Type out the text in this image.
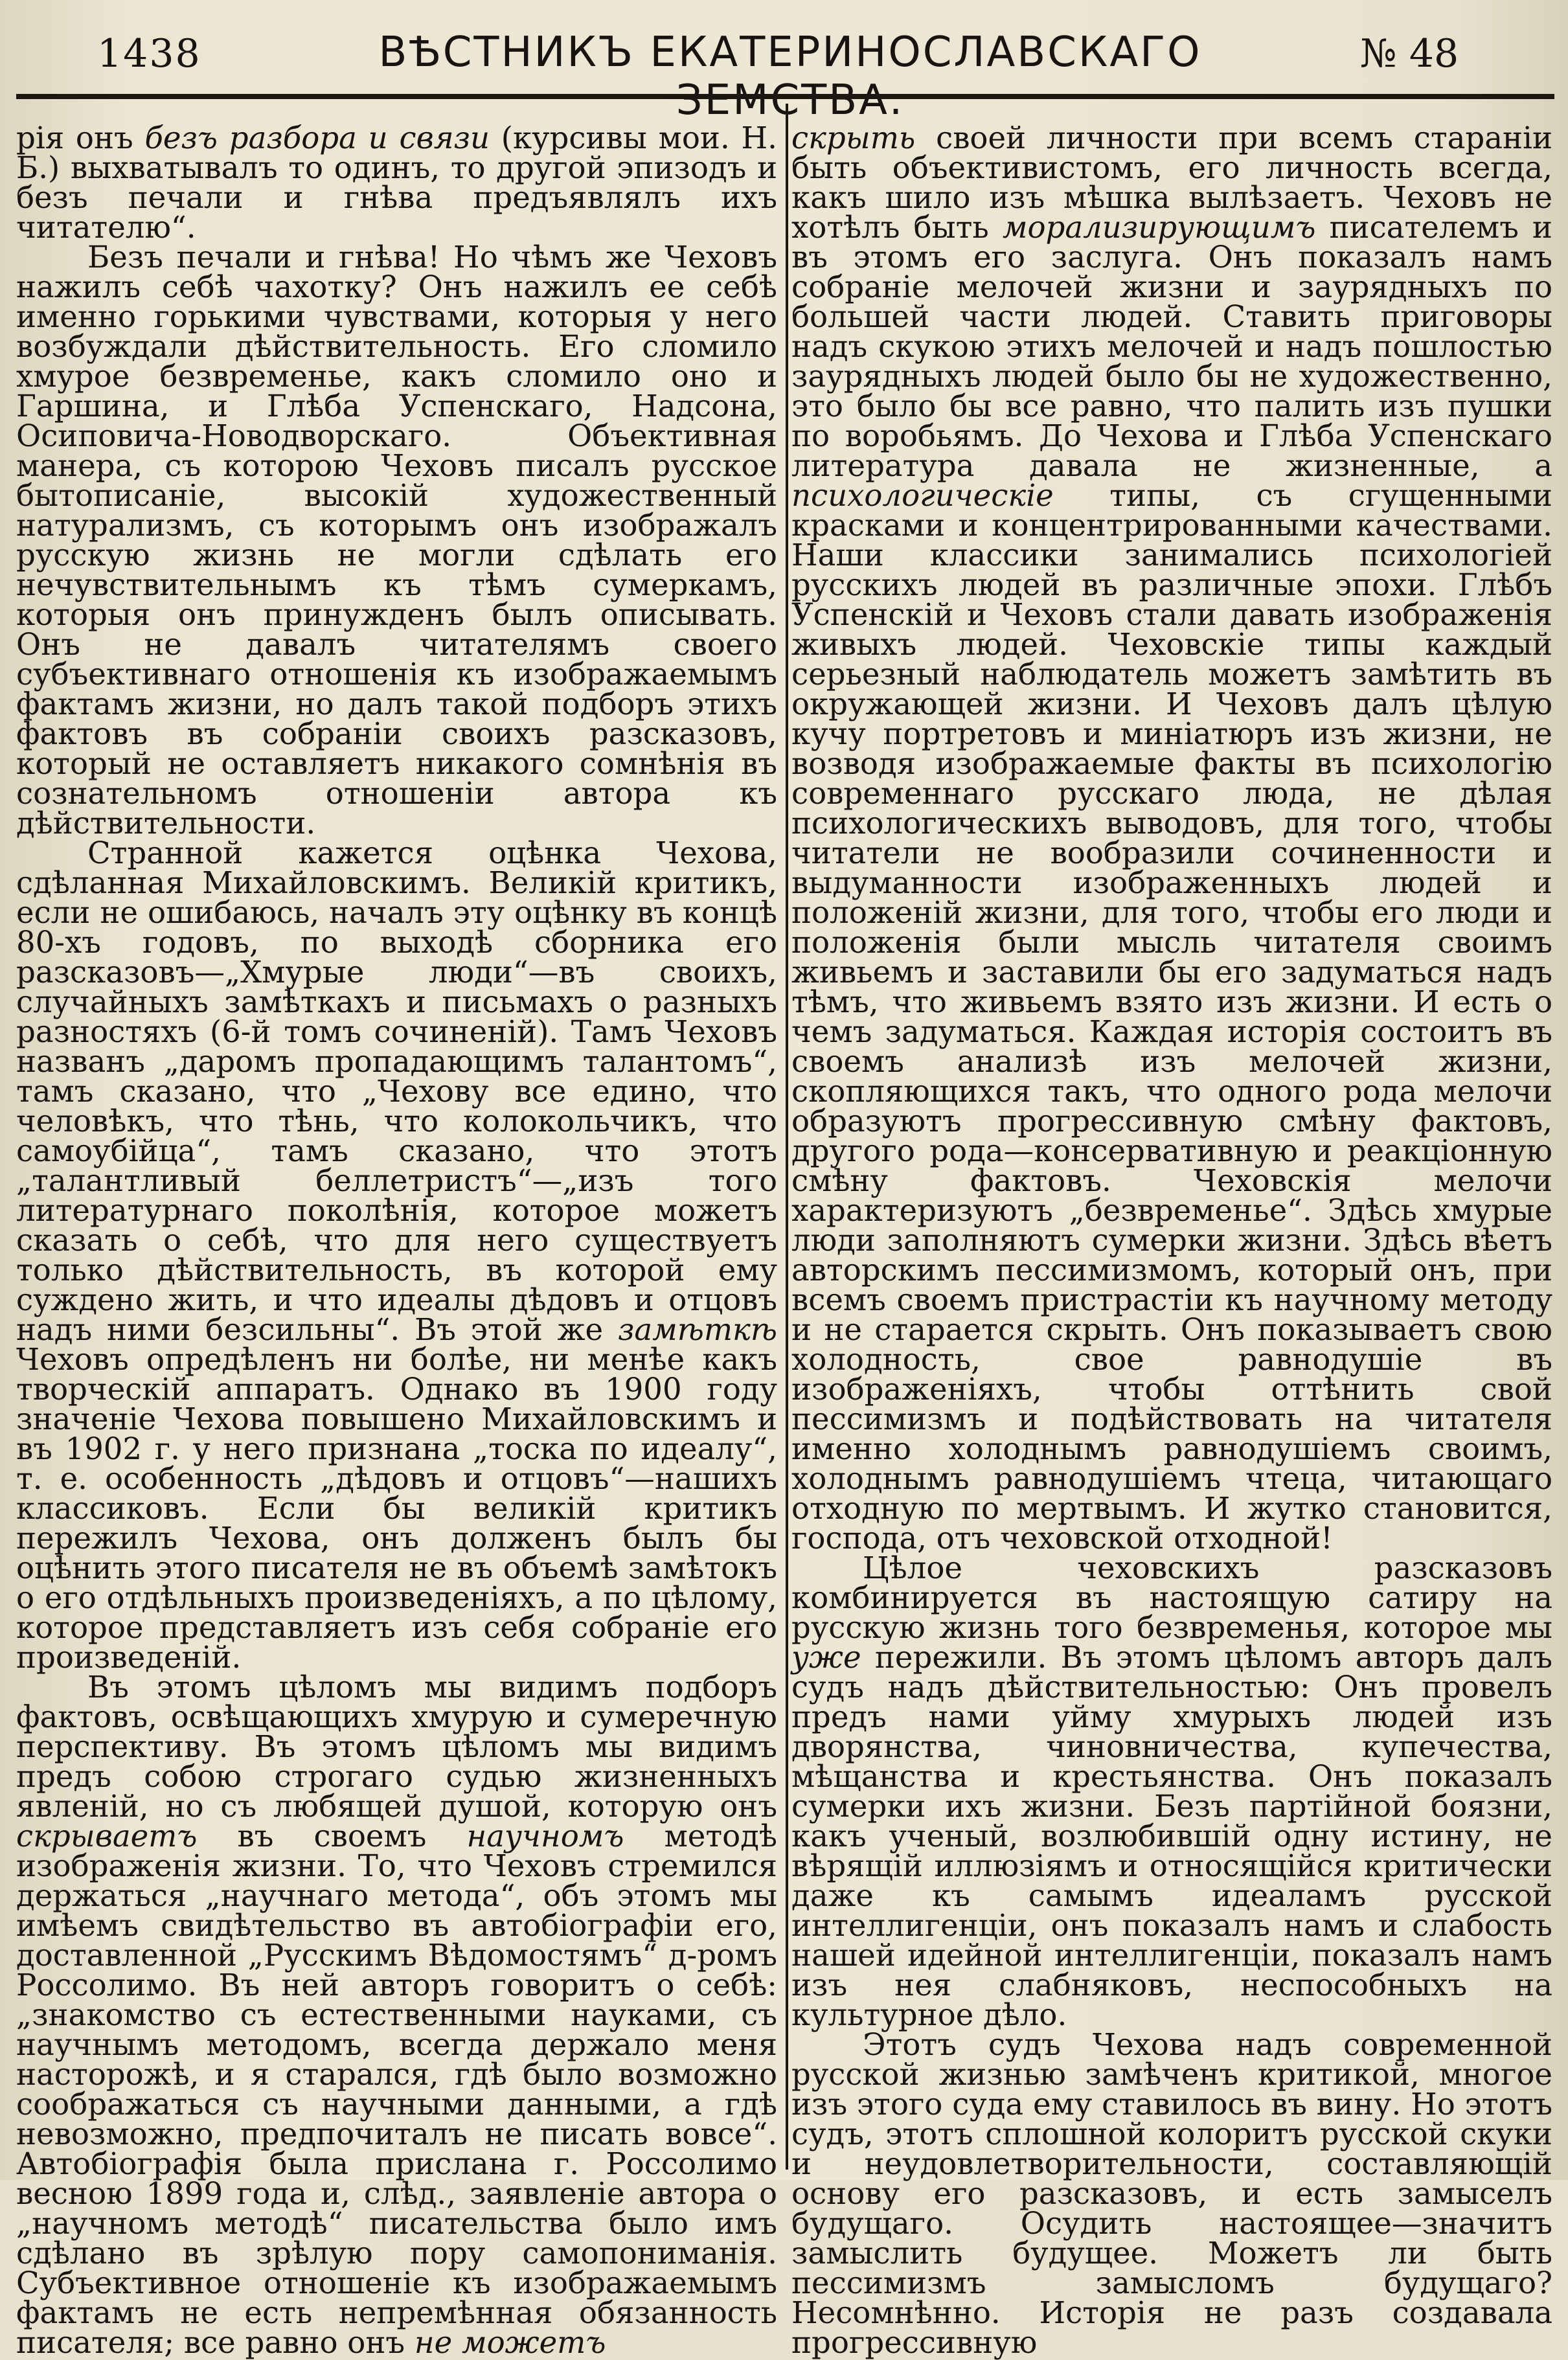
1438	ВѢСТНИКЪ ЕКАТЕРИНОСЛАВСКАГО ЗЕМСТВА.
№ 48

рія онъ безъ разбора и связи (курсивы мои. Н. Б.) выхватывалъ то одинъ, то другой эпизодъ и безъ печали и гнѣва предъявлялъ ихъ читателю“.

Безъ печали и гнѣва! Но чѣмъ же Чеховъ нажилъ себѣ чахотку? Онъ нажилъ ее себѣ именно горькими чувствами, которыя у него возбуждали дѣйствительность. Его сломило хмурое безвременье, какъ сломило оно и Гаршина, и Глѣба Успенскаго, Надсона, Осиповича-Новодворскаго. Объективная манера, съ которою Чеховъ писалъ русское бытописаніе, высокій художественный натурализмъ, съ которымъ онъ изображалъ русскую жизнь не могли сдѣлать его нечувствительнымъ къ тѣмъ сумеркамъ, которыя онъ принужденъ былъ описывать. Онъ не давалъ читателямъ своего субъективнаго отношенія къ изображаемымъ фактамъ жизни, но далъ такой подборъ этихъ фактовъ въ собраніи своихъ разсказовъ, который не оставляетъ никакого сомнѣнія въ сознательномъ отношеніи автора къ дѣйствительности.

Странной кажется оцѣнка Чехова, сдѣланная Михайловскимъ. Великій критикъ, если не ошибаюсь, началъ эту оцѣнку въ концѣ 80-хъ годовъ, по выходѣ сборника его разсказовъ—„Хмурые люди“—въ своихъ, случайныхъ замѣткахъ и письмахъ о разныхъ разностяхъ (6-й томъ сочиненій). Тамъ Чеховъ названъ „даромъ пропадающимъ талантомъ“, тамъ сказано, что „Чехову все едино, что человѣкъ, что тѣнь, что колокольчикъ, что самоубійца“, тамъ сказано, что этотъ „талантливый беллетристъ“—„изъ того литературнаго поколѣнія, которое можетъ сказать о себѣ, что для него существуетъ только дѣйствительность, въ которой ему суждено жить, и что идеалы дѣдовъ и отцовъ надъ ними безсильны“. Въ этой же замѣткѣ Чеховъ опредѣленъ ни болѣе, ни менѣе какъ творческій аппаратъ. Однако въ 1900 году значеніе Чехова повышено Михайловскимъ и въ 1902 г. у него признана „тоска по идеалу“, т. е. особенность „дѣдовъ и отцовъ“—нашихъ классиковъ. Если бы великій критикъ пережилъ Чехова, онъ долженъ былъ бы оцѣнить этого писателя не въ объемѣ замѣтокъ о его отдѣльныхъ произведеніяхъ, а по цѣлому, которое представляетъ изъ себя собраніе его произведеній.

Въ этомъ цѣломъ мы видимъ подборъ фактовъ, освѣщающихъ хмурую и сумеречную перспективу. Въ этомъ цѣломъ мы видимъ предъ собою строгаго судью жизненныхъ явленій, но съ любящей душой, которую онъ скрываетъ въ своемъ научномъ методѣ изображенія жизни. То, что Чеховъ стремился держаться „научнаго метода“, объ этомъ мы имѣемъ свидѣтельство въ автобіографіи его, доставленной „Русскимъ Вѣдомостямъ“ д-ромъ Россолимо. Въ ней авторъ говоритъ о себѣ: „знакомство съ естественными науками, съ научнымъ методомъ, всегда держало меня насторожѣ, и я старался, гдѣ было возможно соображаться съ научными данными, а гдѣ невозможно, предпочиталъ не писать вовсе“. Автобіографія была прислана г. Россолимо весною 1899 года и, слѣд., заявленіе автора о „научномъ методѣ“ писательства было имъ сдѣлано въ зрѣлую пору самопониманія. Субъективное отношеніе къ изображаемымъ фактамъ не есть непремѣнная обязанность писателя; все равно онъ не можетъ

скрыть своей личности при всемъ стараніи быть объективистомъ, его личность всегда, какъ шило изъ мѣшка вылѣзаетъ. Чеховъ не хотѣлъ быть морализирующимъ писателемъ и въ этомъ его заслуга. Онъ показалъ намъ собраніе мелочей жизни и заурядныхъ по большей части людей. Ставить приговоры надъ скукою этихъ мелочей и надъ пошлостью заурядныхъ людей было бы не художественно, это было бы все равно, что палить изъ пушки по воробьямъ. До Чехова и Глѣба Успенскаго литература давала не жизненные, а психологическіе типы, съ сгущенными красками и концентрированными качествами. Наши классики занимались психологіей русскихъ людей въ различные эпохи. Глѣбъ Успенскій и Чеховъ стали давать изображенія живыхъ людей. Чеховскіе типы каждый серьезный наблюдатель можетъ замѣтить въ окружающей жизни. И Чеховъ далъ цѣлую кучу портретовъ и миніатюръ изъ жизни, не возводя изображаемые факты въ психологію современнаго русскаго люда, не дѣлая психологическихъ выводовъ, для того, чтобы читатели не вообразили сочиненности и выдуманности изображенныхъ людей и положеній жизни, для того, чтобы его люди и положенія были мысль читателя своимъ живьемъ и заставили бы его задуматься надъ тѣмъ, что живьемъ взято изъ жизни. И есть о чемъ задуматься. Каждая исторія состоитъ въ своемъ анализѣ изъ мелочей жизни, скопляющихся такъ, что одного рода мелочи образуютъ прогрессивную смѣну фактовъ, другого рода—консервативную и реакціонную смѣну фактовъ. Чеховскія мелочи характеризуютъ „безвременье“. Здѣсь хмурые люди заполняютъ сумерки жизни. Здѣсь вѣетъ авторскимъ пессимизмомъ, который онъ, при всемъ своемъ пристрастіи къ научному методу и не старается скрыть. Онъ показываетъ свою холодность, свое равнодушіе въ изображеніяхъ, чтобы оттѣнить свой пессимизмъ и подѣйствовать на читателя именно холоднымъ равнодушіемъ своимъ, холоднымъ равнодушіемъ чтеца, читающаго отходную по мертвымъ. И жутко становится, господа, отъ чеховской отходной!

Цѣлое чеховскихъ разсказовъ комбинируется въ настоящую сатиру на русскую жизнь того безвременья, которое мы уже пережили. Въ этомъ цѣломъ авторъ далъ судъ надъ дѣйствительностью: Онъ провелъ предъ нами уйму хмурыхъ людей изъ дворянства, чиновничества, купечества, мѣщанства и крестьянства. Онъ показалъ сумерки ихъ жизни. Безъ партійной боязни, какъ ученый, возлюбившій одну истину, не вѣрящій иллюзіямъ и относящійся критически даже къ самымъ идеаламъ русской интеллигенціи, онъ показалъ намъ и слабость нашей идейной интеллигенціи, показалъ намъ изъ нея слабняковъ, неспособныхъ на культурное дѣло.

Этотъ судъ Чехова надъ современной русской жизнью замѣченъ критикой, многое изъ этого суда ему ставилось въ вину. Но этотъ судъ, этотъ сплошной колоритъ русской скуки и неудовлетворительности, составляющій основу его разсказовъ, и есть замыселъ будущаго. Осудить настоящее—значитъ замыслить будущее. Можетъ ли быть пессимизмъ замысломъ будущаго? Несомнѣнно. Исторія не разъ создавала прогрессивную
